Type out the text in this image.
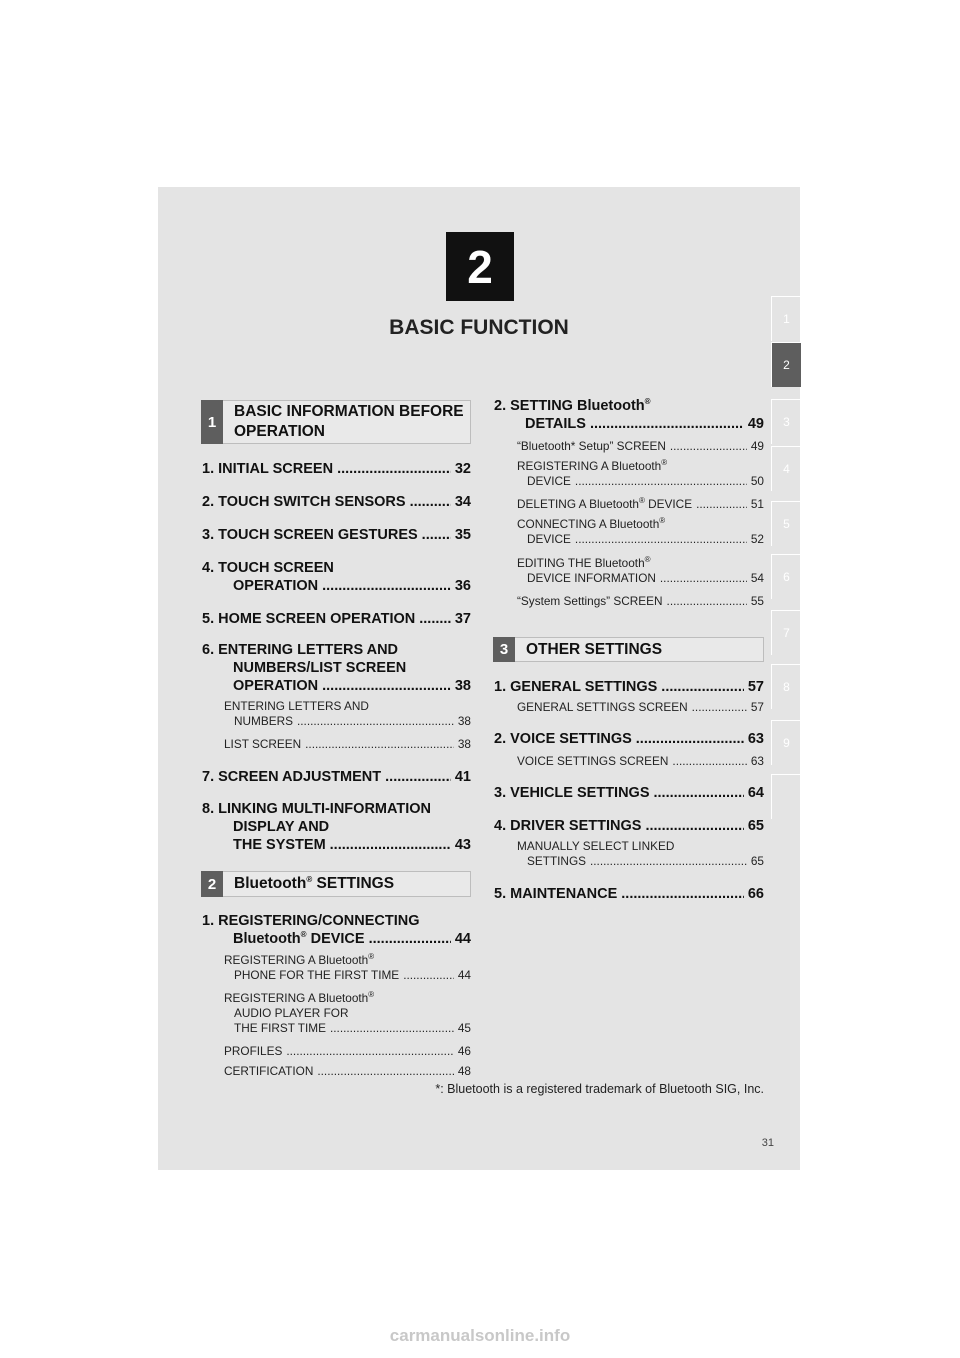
2
BASIC FUNCTION	1
2
3
4
5
6
7
8
9
1
BASIC INFORMATION BEFORE OPERATION
1. INITIAL SCREEN .....	32
2. TOUCH SWITCH SENSORS .....	34
3. TOUCH SCREEN GESTURES .....	35
4. TOUCH SCREEN
OPERATION .....	36
5. HOME SCREEN OPERATION .....	37
6. ENTERING LETTERS AND
NUMBERS/LIST SCREEN
OPERATION .....	38
ENTERING LETTERS AND
NUMBERS .....	38
LIST SCREEN .....	38
7. SCREEN ADJUSTMENT .....	41
8. LINKING MULTI-INFORMATION
DISPLAY AND
THE SYSTEM .....	43
2	Bluetooth® SETTINGS
1. REGISTERING/CONNECTING
Bluetooth® DEVICE .....	44
REGISTERING A Bluetooth®
PHONE FOR THE FIRST TIME .....	44
REGISTERING A Bluetooth®
AUDIO PLAYER FOR
THE FIRST TIME .....	45
PROFILES .....	46
CERTIFICATION .....	48
2. SETTING Bluetooth®
DETAILS .....	49
“Bluetooth* Setup” SCREEN .....	49
REGISTERING A Bluetooth®
DEVICE .....	50
DELETING A Bluetooth® DEVICE .....	51
CONNECTING A Bluetooth®
DEVICE .....	52
EDITING THE Bluetooth®
DEVICE INFORMATION .....	54
“System Settings” SCREEN .....	55
3	OTHER SETTINGS
1. GENERAL SETTINGS .....	57
GENERAL SETTINGS SCREEN .....	57
2. VOICE SETTINGS .....	63
VOICE SETTINGS SCREEN .....	63
3. VEHICLE SETTINGS .....	64
4. DRIVER SETTINGS .....	65
MANUALLY SELECT LINKED
SETTINGS .....	65
5. MAINTENANCE .....	66
*: Bluetooth is a registered trademark of Bluetooth SIG, Inc.
31
carmanualsonline.info
